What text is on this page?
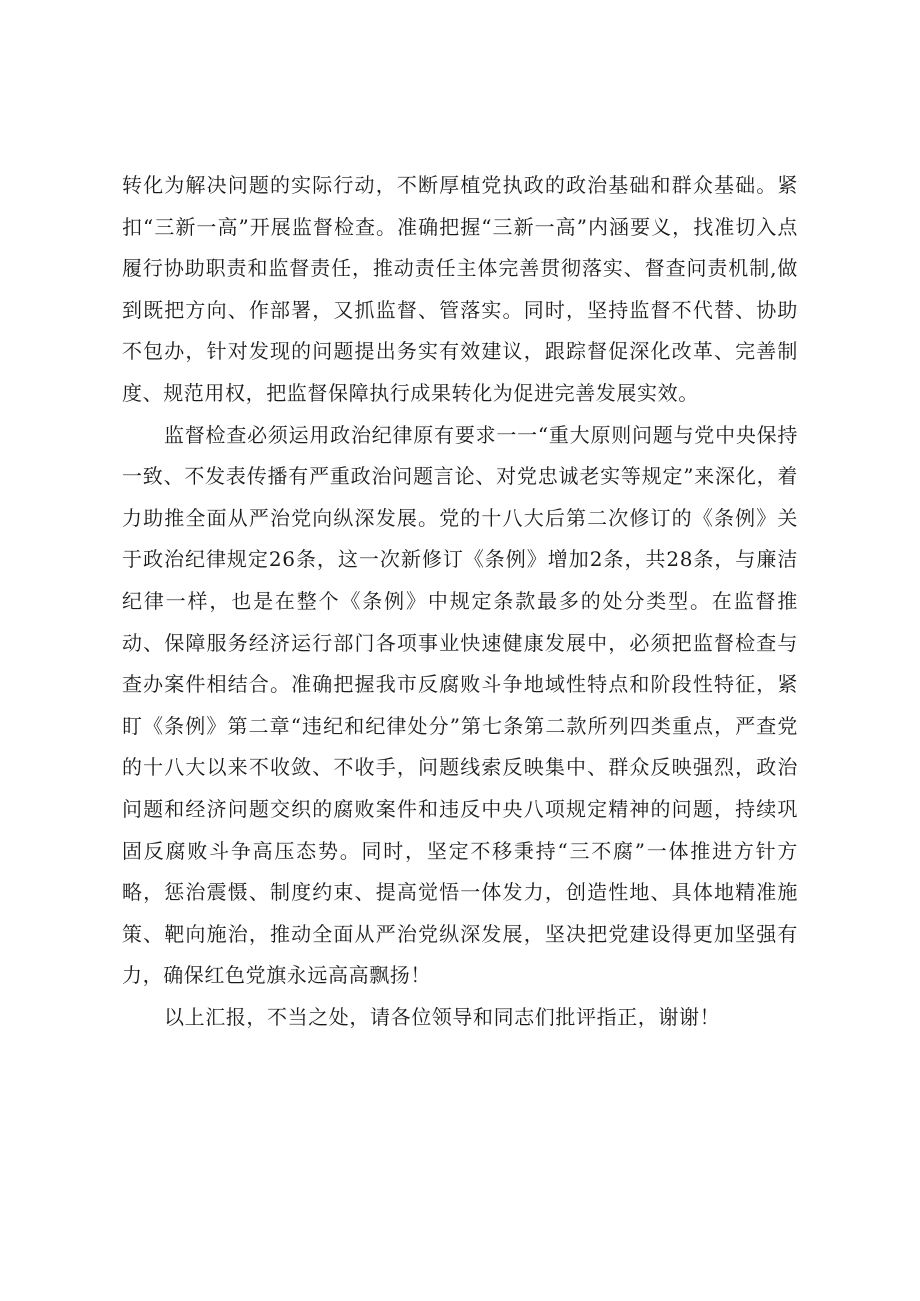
转化为解决问题的实际行动，不断厚植党执政的政治基础和群众基础。紧扣“三新一高”开展监督检查。准确把握“三新一高”内涵要义，找准切入点履行协助职责和监督责任，推动责任主体完善贯彻落实、督查问责机制,做到既把方向、作部署，又抓监督、管落实。同时，坚持监督不代替、协助不包办，针对发现的问题提出务实有效建议，跟踪督促深化改革、完善制度、规范用权，把监督保障执行成果转化为促进完善发展实效。

监督检查必须运用政治纪律原有要求一一“重大原则问题与党中央保持一致、不发表传播有严重政治问题言论、对党忠诚老实等规定”来深化，着力助推全面从严治党向纵深发展。党的十八大后第二次修订的《条例》关于政治纪律规定26条，这一次新修订《条例》增加2条，共28条，与廉洁纪律一样，也是在整个《条例》中规定条款最多的处分类型。在监督推动、保障服务经济运行部门各项事业快速健康发展中，必须把监督检查与查办案件相结合。准确把握我市反腐败斗争地域性特点和阶段性特征，紧盯《条例》第二章“违纪和纪律处分”第七条第二款所列四类重点，严查党的十八大以来不收敛、不收手，问题线索反映集中、群众反映强烈，政治问题和经济问题交织的腐败案件和违反中央八项规定精神的问题，持续巩固反腐败斗争高压态势。同时，坚定不移秉持“三不腐”一体推进方针方略，惩治震慑、制度约束、提高觉悟一体发力，创造性地、具体地精准施策、靶向施治，推动全面从严治党纵深发展，坚决把党建设得更加坚强有力，确保红色党旗永远高高飘扬！

以上汇报，不当之处，请各位领导和同志们批评指正，谢谢！
